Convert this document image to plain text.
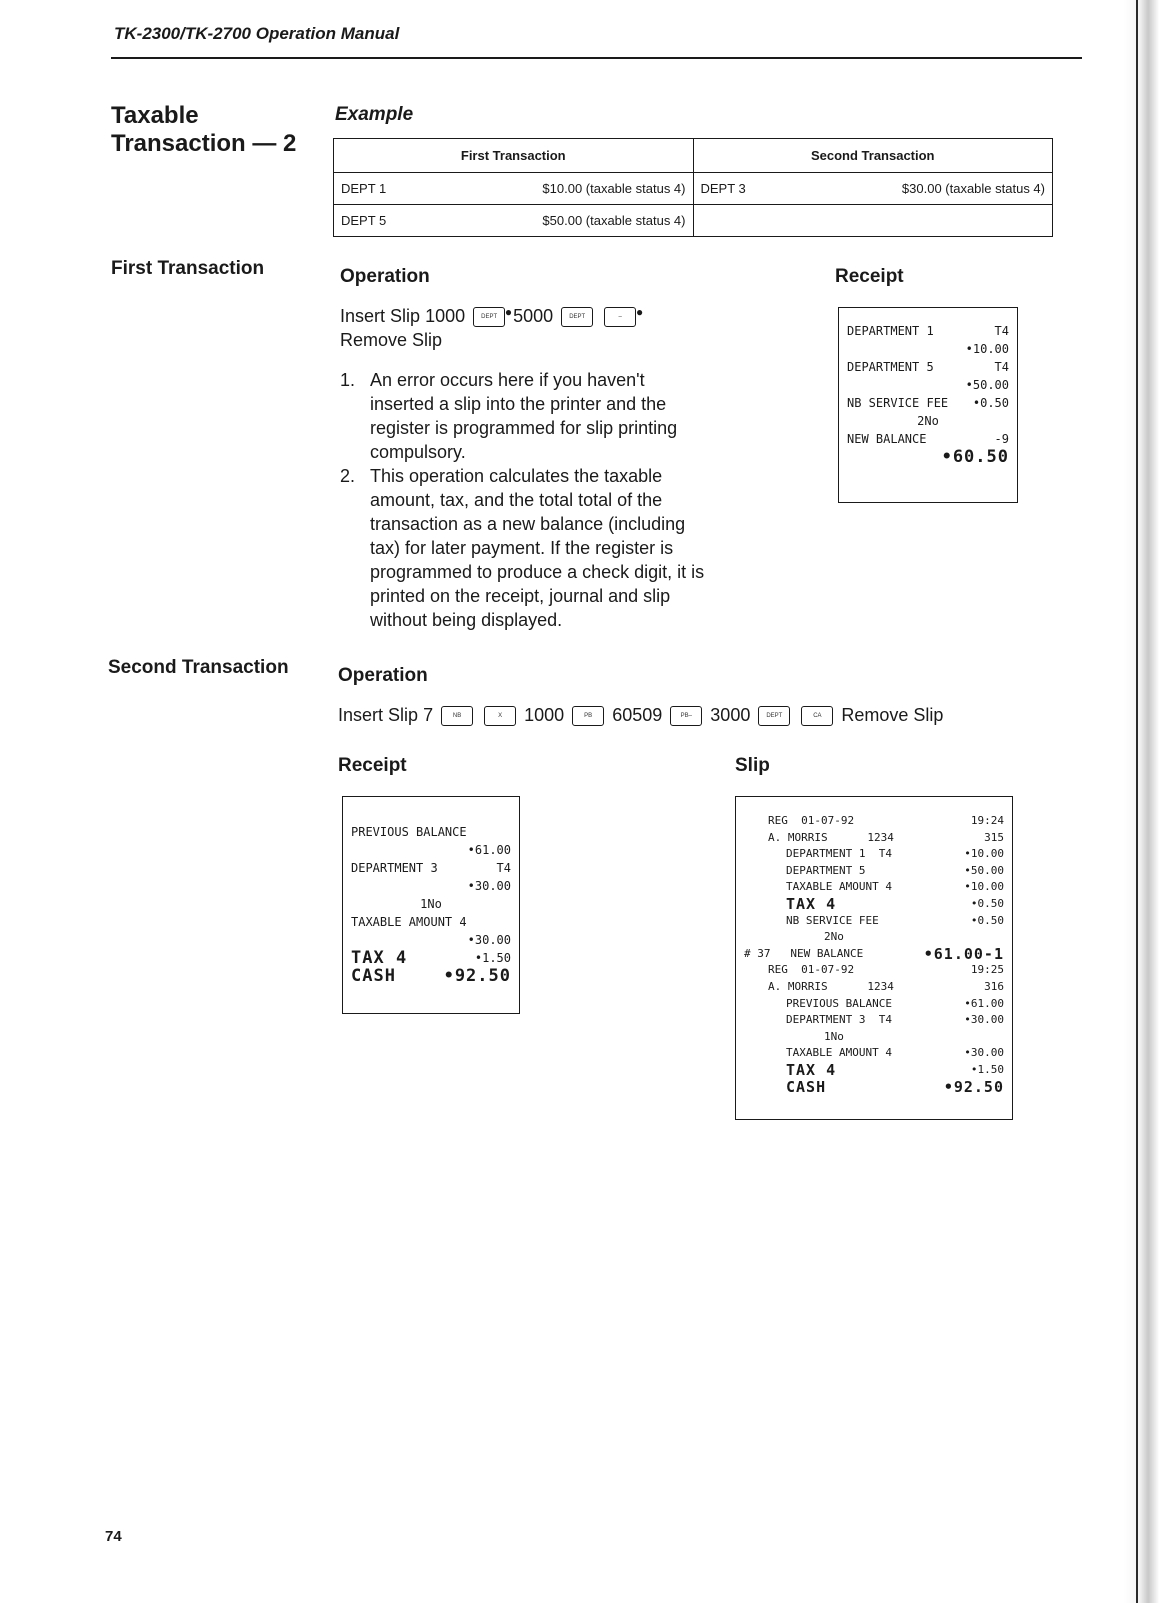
TK-2300/TK-2700 Operation Manual
Taxable
Transaction — 2
Example
First Transaction	Second Transaction

DEPT 1 $10.00 (taxable status 4)	DEPT 3 $30.00 (taxable status 4)

DEPT 5 $50.00 (taxable status 4)	

First Transaction	Operation	Receipt
Insert Slip 1000	DEPT ● 5000	DEPT	– ●
Remove Slip
1. An error occurs here if you haven't inserted a slip into the printer and the register is programmed for slip printing compulsory.
2. This operation calculates the taxable amount, tax, and the total total of the transaction as a new balance (including tax) for later payment. If the register is programmed to produce a check digit, it is printed on the receipt, journal and slip without being displayed.
DEPARTMENT 1	T4
•10.00
DEPARTMENT 5	T4
•50.00
NB SERVICE FEE •0.50
2No
NEW BALANCE	-9
•60.50
Second Transaction	Operation
Insert Slip 7	NB	X 1000	PB 60509	PB– 3000	DEPT	CA Remove Slip
Receipt	Slip
PREVIOUS BALANCE
•61.00
DEPARTMENT 3	T4
•30.00
1No
TAXABLE AMOUNT 4
•30.00
TAX 4	•1.50
CASH	•92.50
REG  01-07-92	19:24
A. MORRIS	1234	315
DEPARTMENT 1 T4	•10.00
DEPARTMENT 5	•50.00
TAXABLE AMOUNT 4	•10.00
TAX 4	•0.50
NB SERVICE FEE	•0.50
2No
# 37 NEW BALANCE	•61.00-1
REG  01-07-92	19:25
A. MORRIS	1234	316
PREVIOUS BALANCE	•61.00
DEPARTMENT 3 T4	•30.00
1No
TAXABLE AMOUNT 4	•30.00
TAX 4	•1.50
CASH	•92.50
74
